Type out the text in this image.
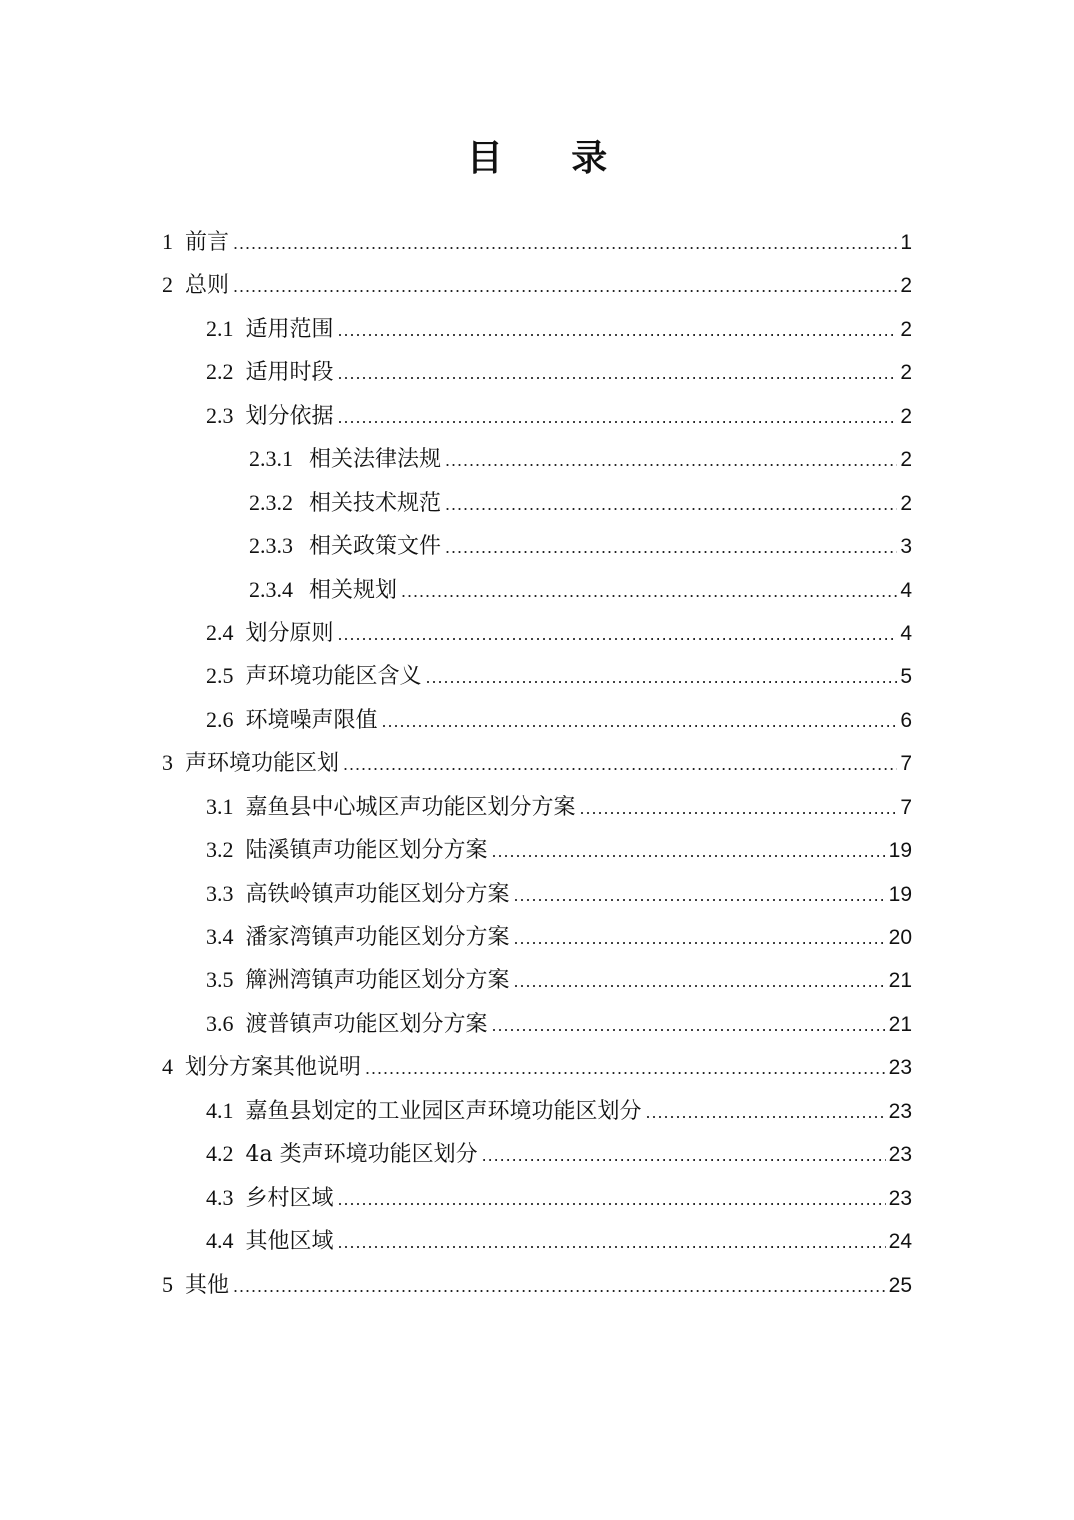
目 录
1 前言 .....	1
2 总则 .....	2
2.1 适用范围 .....	2
2.2 适用时段 .....	2
2.3 划分依据 .....	2
2.3.1 相关法律法规 .....	2
2.3.2 相关技术规范 .....	2
2.3.3 相关政策文件 .....	3
2.3.4 相关规划 .....	4
2.4 划分原则 .....	4
2.5 声环境功能区含义 .....	5
2.6 环境噪声限值 .....	6
3 声环境功能区划 .....	7
3.1 嘉鱼县中心城区声功能区划分方案 .....	7
3.2 陆溪镇声功能区划分方案 .....	19
3.3 高铁岭镇声功能区划分方案 .....	19
3.4 潘家湾镇声功能区划分方案 .....	20
3.5 簰洲湾镇声功能区划分方案 .....	21
3.6 渡普镇声功能区划分方案 .....	21
4 划分方案其他说明 .....	23
4.1 嘉鱼县划定的工业园区声环境功能区划分 .....	23
4.2 4a 类声环境功能区划分 .....	23
4.3 乡村区域 .....	23
4.4 其他区域 .....	24
5 其他 .....	25
